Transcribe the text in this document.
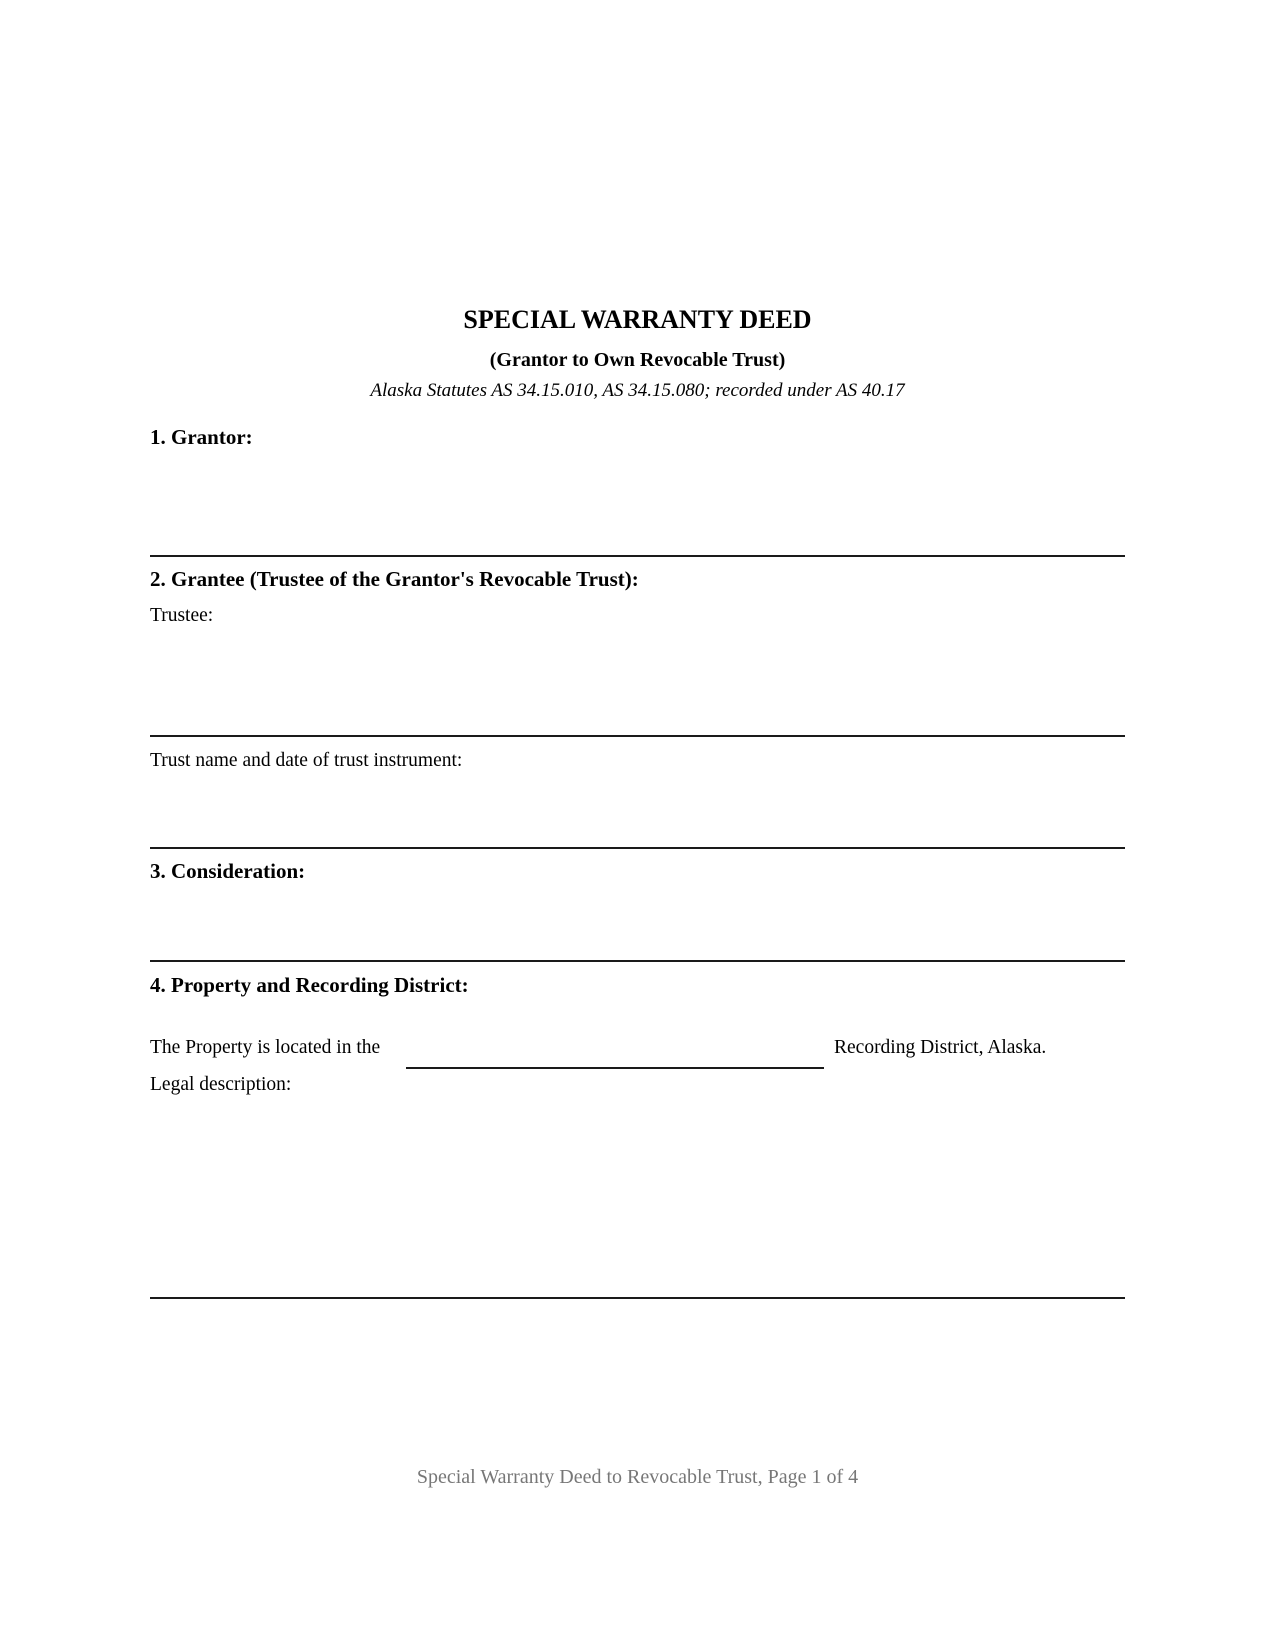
SPECIAL WARRANTY DEED
(Grantor to Own Revocable Trust)
Alaska Statutes AS 34.15.010, AS 34.15.080; recorded under AS 40.17
1. Grantor:
2. Grantee (Trustee of the Grantor's Revocable Trust):
Trustee:
Trust name and date of trust instrument:
3. Consideration:
4. Property and Recording District:
The Property is located in the	Recording District, Alaska.
Legal description:
Special Warranty Deed to Revocable Trust, Page 1 of 4
